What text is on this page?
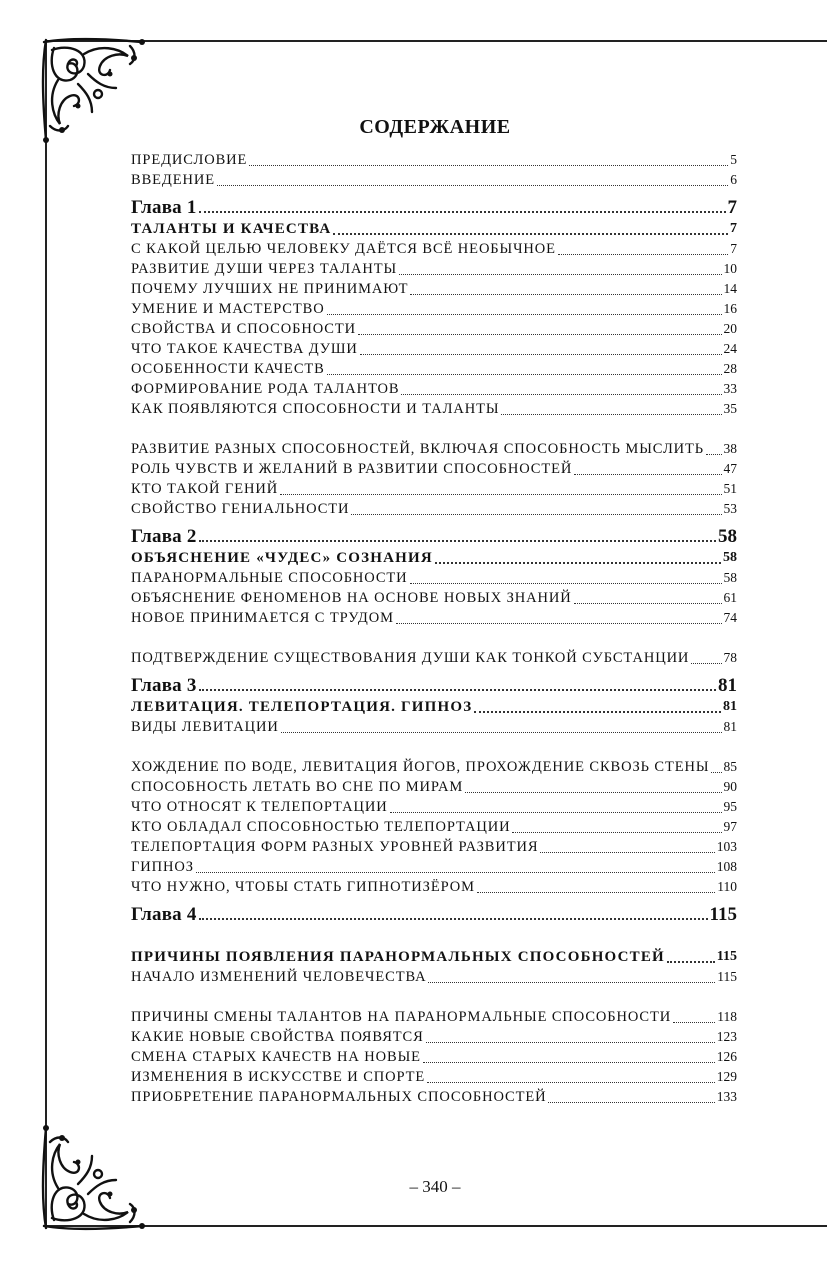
СОДЕРЖАНИЕ
ПРЕДИСЛОВИЕ	5
ВВЕДЕНИЕ	6
Глава 1	7
ТАЛАНТЫ И КАЧЕСТВА	7
С КАКОЙ ЦЕЛЬЮ ЧЕЛОВЕКУ ДАЁТСЯ ВСЁ НЕОБЫЧНОЕ	7
РАЗВИТИЕ ДУШИ ЧЕРЕЗ ТАЛАНТЫ	10
ПОЧЕМУ ЛУЧШИХ НЕ ПРИНИМАЮТ	14
УМЕНИЕ И МАСТЕРСТВО	16
СВОЙСТВА И СПОСОБНОСТИ	20
ЧТО ТАКОЕ КАЧЕСТВА ДУШИ	24
ОСОБЕННОСТИ КАЧЕСТВ	28
ФОРМИРОВАНИЕ РОДА ТАЛАНТОВ	33
КАК ПОЯВЛЯЮТСЯ СПОСОБНОСТИ И ТАЛАНТЫ	35
РАЗВИТИЕ РАЗНЫХ СПОСОБНОСТЕЙ, ВКЛЮЧАЯ СПОСОБНОСТЬ МЫСЛИТЬ 38
РОЛЬ ЧУВСТВ И ЖЕЛАНИЙ В РАЗВИТИИ СПОСОБНОСТЕЙ	47
КТО ТАКОЙ ГЕНИЙ	51
СВОЙСТВО ГЕНИАЛЬНОСТИ	53
Глава 2	58
ОБЪЯСНЕНИЕ «ЧУДЕС» СОЗНАНИЯ	58
ПАРАНОРМАЛЬНЫЕ СПОСОБНОСТИ	58
ОБЪЯСНЕНИЕ ФЕНОМЕНОВ НА ОСНОВЕ НОВЫХ ЗНАНИЙ	61
НОВОЕ ПРИНИМАЕТСЯ С ТРУДОМ	74
ПОДТВЕРЖДЕНИЕ СУЩЕСТВОВАНИЯ ДУШИ КАК ТОНКОЙ СУБСТАНЦИИ	78
Глава 3	81
ЛЕВИТАЦИЯ. ТЕЛЕПОРТАЦИЯ. ГИПНОЗ	81
ВИДЫ ЛЕВИТАЦИИ	81
ХОЖДЕНИЕ ПО ВОДЕ, ЛЕВИТАЦИЯ ЙОГОВ, ПРОХОЖДЕНИЕ СКВОЗЬ СТЕНЫ 85
СПОСОБНОСТЬ ЛЕТАТЬ ВО СНЕ ПО МИРАМ	90
ЧТО ОТНОСЯТ К ТЕЛЕПОРТАЦИИ	95
КТО ОБЛАДАЛ СПОСОБНОСТЬЮ ТЕЛЕПОРТАЦИИ	97
ТЕЛЕПОРТАЦИЯ ФОРМ РАЗНЫХ УРОВНЕЙ РАЗВИТИЯ	103
ГИПНОЗ	108
ЧТО НУЖНО, ЧТОБЫ СТАТЬ ГИПНОТИЗЁРОМ	110
Глава 4	115
ПРИЧИНЫ ПОЯВЛЕНИЯ ПАРАНОРМАЛЬНЫХ СПОСОБНОСТЕЙ	115
НАЧАЛО ИЗМЕНЕНИЙ ЧЕЛОВЕЧЕСТВА	115
ПРИЧИНЫ СМЕНЫ ТАЛАНТОВ НА ПАРАНОРМАЛЬНЫЕ СПОСОБНОСТИ	118
КАКИЕ НОВЫЕ СВОЙСТВА ПОЯВЯТСЯ	123
СМЕНА СТАРЫХ КАЧЕСТВ НА НОВЫЕ	126
ИЗМЕНЕНИЯ В ИСКУССТВЕ И СПОРТЕ	129
ПРИОБРЕТЕНИЕ ПАРАНОРМАЛЬНЫХ СПОСОБНОСТЕЙ	133
– 340 –
